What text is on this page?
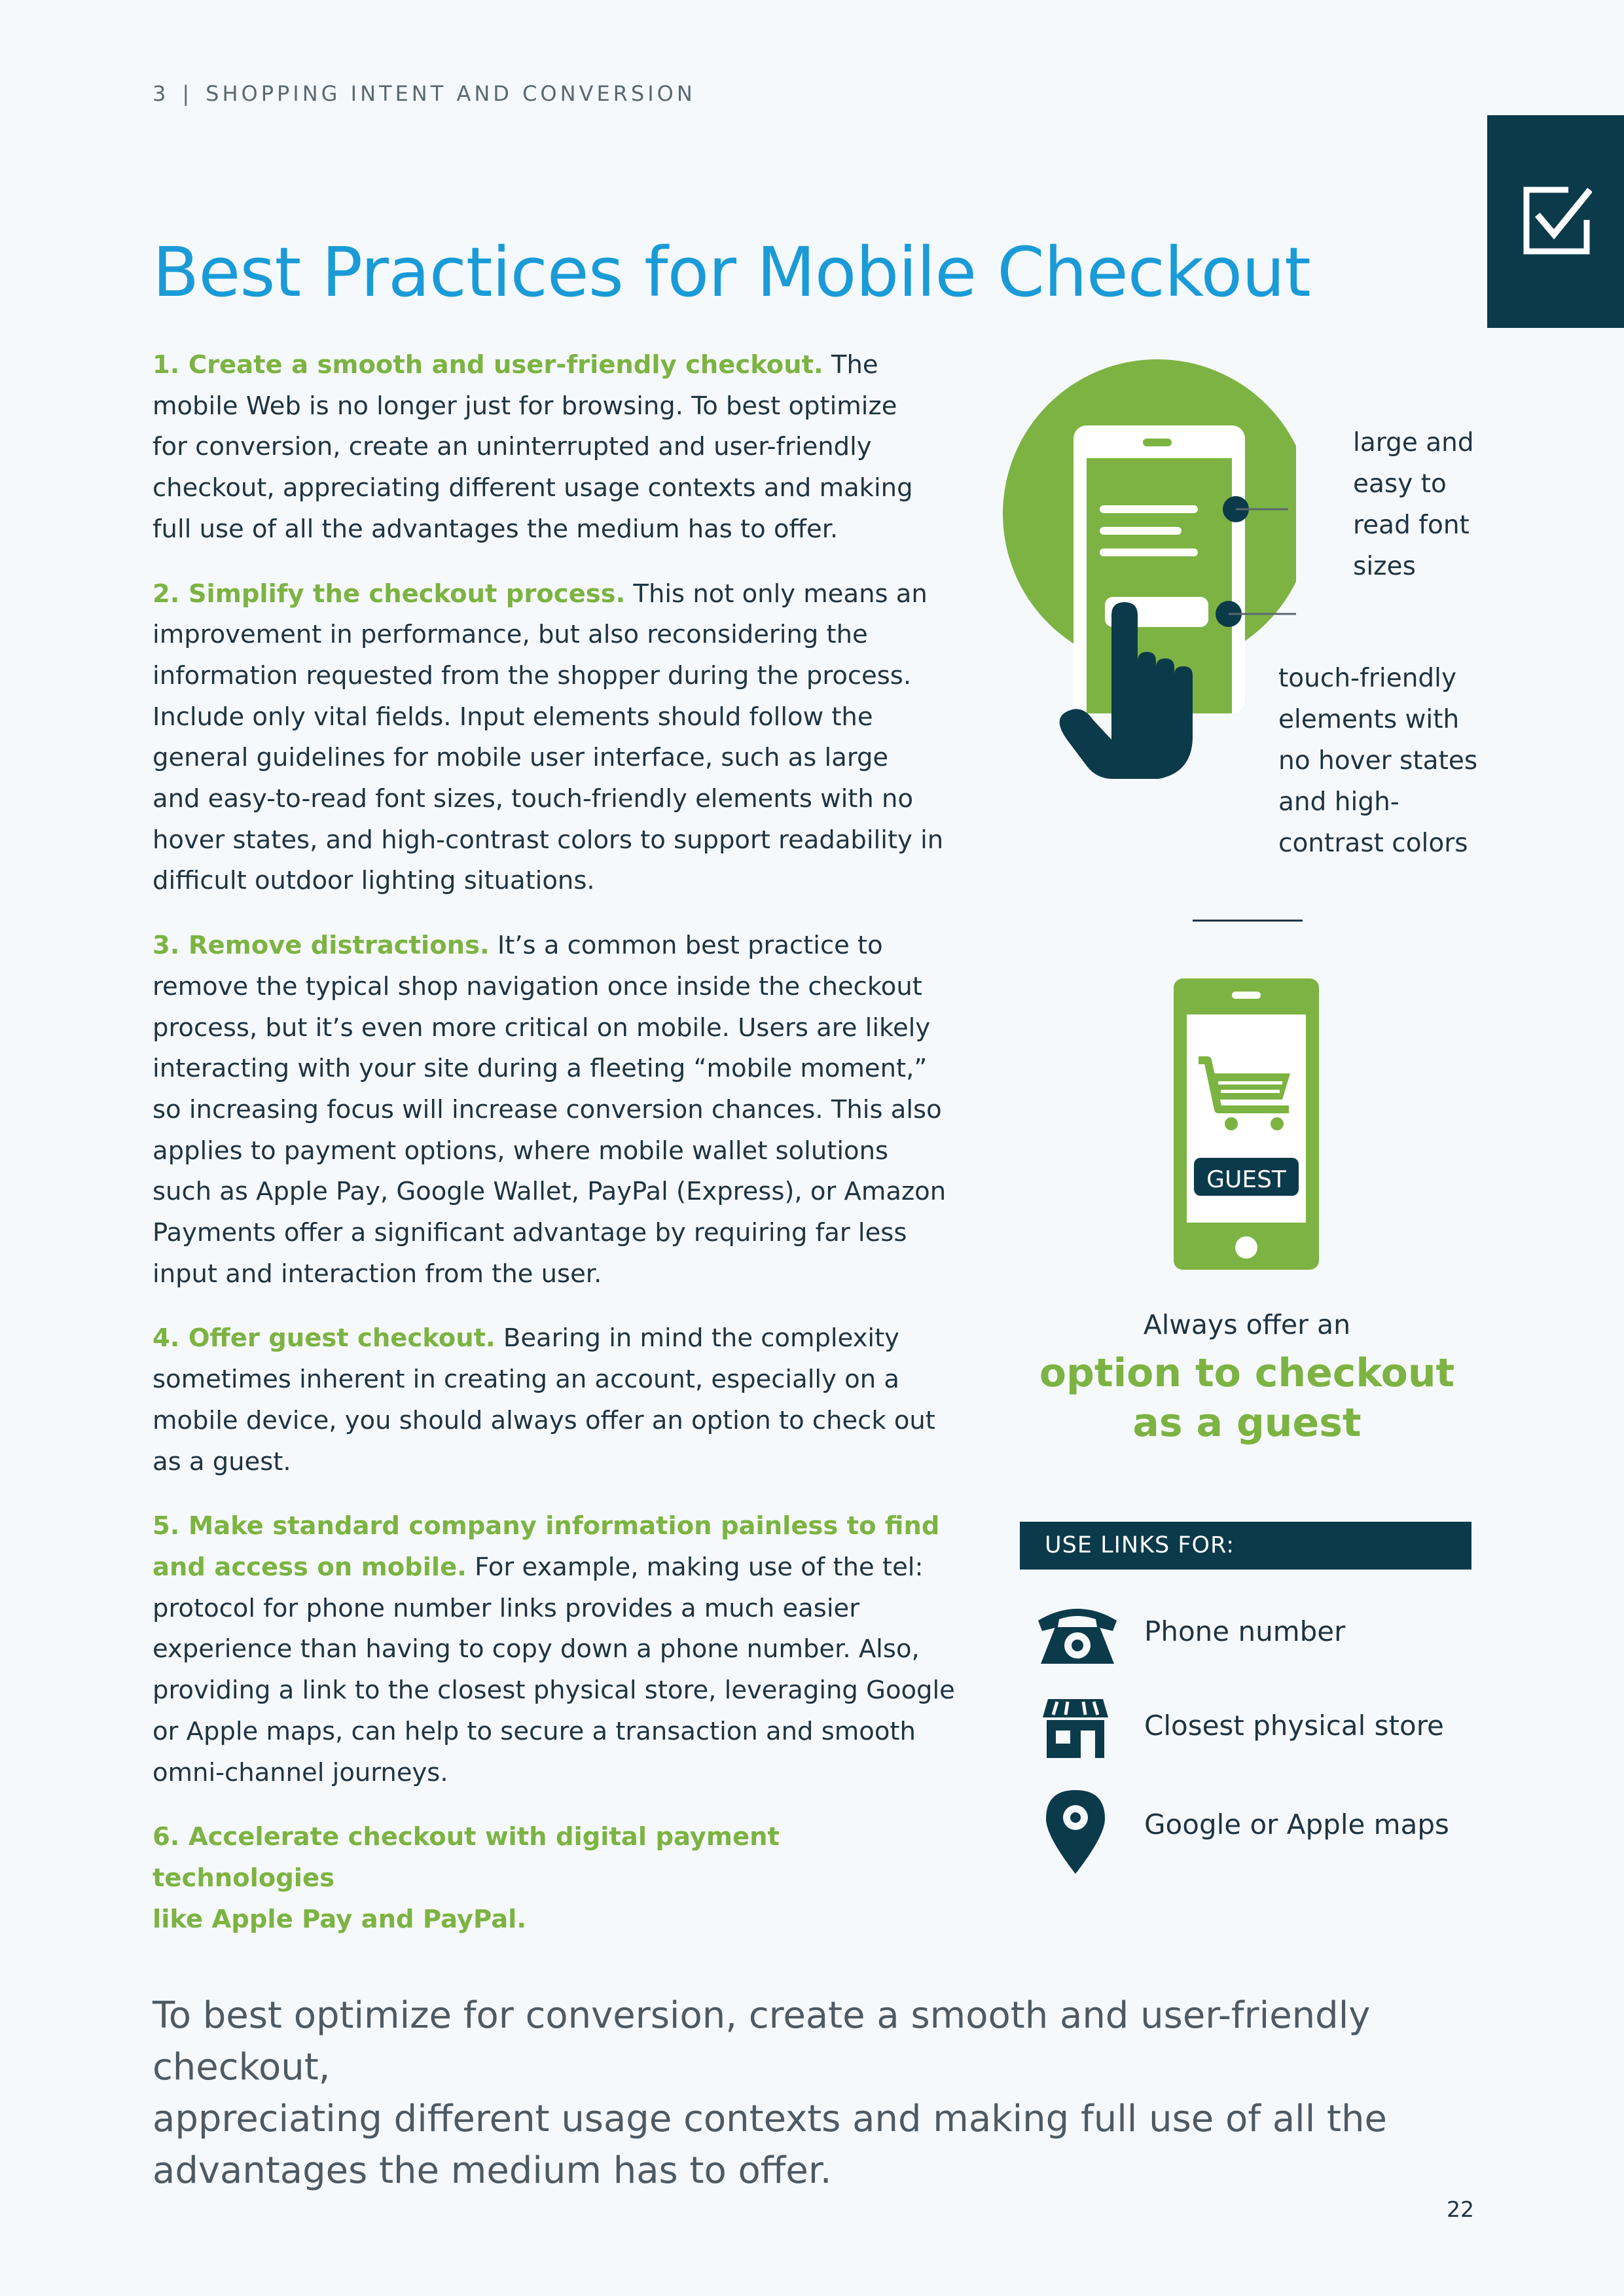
3 | SHOPPING INTENT AND CONVERSION
Best Practices for Mobile Checkout

1. Create a smooth and user-friendly checkout. The
mobile Web is no longer just for browsing. To best optimize
for conversion, create an uninterrupted and user-friendly
checkout, appreciating different usage contexts and making
full use of all the advantages the medium has to offer.

2. Simplify the checkout process. This not only means an
improvement in performance, but also reconsidering the
information requested from the shopper during the process.
Include only vital fields. Input elements should follow the
general guidelines for mobile user interface, such as large
and easy-to-read font sizes, touch-friendly elements with no
hover states, and high-contrast colors to support readability in
difficult outdoor lighting situations.

3. Remove distractions. It’s a common best practice to
remove the typical shop navigation once inside the checkout
process, but it’s even more critical on mobile. Users are likely
interacting with your site during a fleeting “mobile moment,”
so increasing focus will increase conversion chances. This also
applies to payment options, where mobile wallet solutions
such as Apple Pay, Google Wallet, PayPal (Express), or Amazon
Payments offer a significant advantage by requiring far less
input and interaction from the user.

4. Offer guest checkout. Bearing in mind the complexity
sometimes inherent in creating an account, especially on a
mobile device, you should always offer an option to check out
as a guest.

5. Make standard company information painless to find
and access on mobile. For example, making use of the tel:
protocol for phone number links provides a much easier
experience than having to copy down a phone number. Also,
providing a link to the closest physical store, leveraging Google
or Apple maps, can help to secure a transaction and smooth
omni-channel journeys.

6. Accelerate checkout with digital payment technologies
like Apple Pay and PayPal.

large and
easy to
read font
sizes
touch-friendly
elements with
no hover states
and high-
contrast colors
GUEST
Always offer an
option to checkout
as a guest
USE LINKS FOR:
Phone number
Closest physical store
Google or Apple maps
To best optimize for conversion, create a smooth and user-friendly checkout,
appreciating different usage contexts and making full use of all the
advantages the medium has to offer.
22
